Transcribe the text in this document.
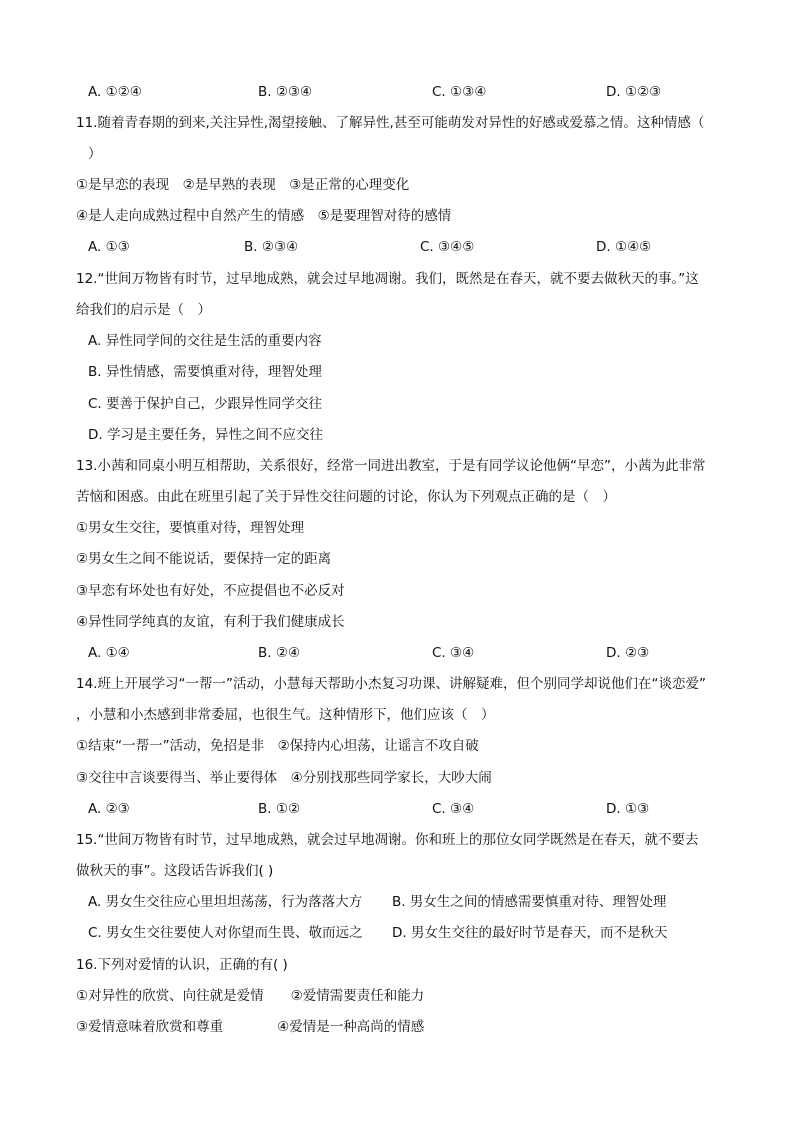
A. ①②④	B. ②③④	C. ①③④	D. ①②③
11.随着青春期的到来,关注异性,渴望接触、了解异性,甚至可能萌发对异性的好感或爱慕之情。这种情感（
）
①是早恋的表现　②是早熟的表现　③是正常的心理变化
④是人走向成熟过程中自然产生的情感　⑤是要理智对待的感情
A. ①③	B. ②③④	C. ③④⑤	D. ①④⑤
12.“世间万物皆有时节，过早地成熟，就会过早地凋谢。我们，既然是在春天，就不要去做秋天的事。”这
给我们的启示是（　）
A. 异性同学间的交往是生活的重要内容
B. 异性情感，需要慎重对待，理智处理
C. 要善于保护自己，少跟异性同学交往
D. 学习是主要任务，异性之间不应交往
13.小茜和同桌小明互相帮助，关系很好，经常一同进出教室，于是有同学议论他俩“早恋”，小茜为此非常
苦恼和困惑。由此在班里引起了关于异性交往问题的讨论，你认为下列观点正确的是（　）
①男女生交往，要慎重对待，理智处理
②男女生之间不能说话，要保持一定的距离
③早恋有坏处也有好处，不应提倡也不必反对
④异性同学纯真的友谊，有利于我们健康成长
A. ①④	B. ②④	C. ③④	D. ②③
14.班上开展学习“一帮一”活动，小慧每天帮助小杰复习功课、讲解疑难，但个别同学却说他们在“谈恋爱”
，小慧和小杰感到非常委屈，也很生气。这种情形下，他们应该（　）
①结束“一帮一”活动，免招是非　②保持内心坦荡，让谣言不攻自破
③交往中言谈要得当、举止要得体　④分别找那些同学家长，大吵大闹
A. ②③	B. ①②	C. ③④	D. ①③
15.“世间万物皆有时节，过早地成熟，就会过早地凋谢。你和班上的那位女同学既然是在春天，就不要去
做秋天的事”。这段话告诉我们( )
A. 男女生交往应心里坦坦荡荡，行为落落大方 B. 男女生之间的情感需要慎重对待、理智处理
C. 男女生交往要使人对你望而生畏、敬而远之 D. 男女生交往的最好时节是春天，而不是秋天
16.下列对爱情的认识，正确的有( )
①对异性的欣赏、向往就是爱情　　②爱情需要责任和能力
③爱情意味着欣赏和尊重　　　　④爱情是一种高尚的情感
